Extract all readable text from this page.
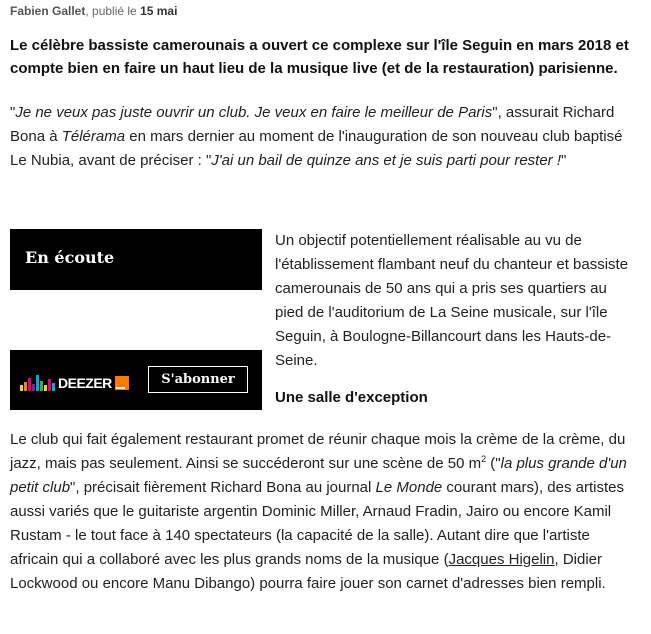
Fabien Gallet, publié le 15 mai

Le célèbre bassiste camerounais a ouvert ce complexe sur l'île Seguin en mars 2018 et compte bien en faire un haut lieu de la musique live (et de la restauration) parisienne.

"Je ne veux pas juste ouvrir un club. Je veux en faire le meilleur de Paris", assurait Richard Bona à Télérama en mars dernier au moment de l'inauguration de son nouveau club baptisé Le Nubia, avant de préciser : "J'ai un bail de quinze ans et je suis parti pour rester !"

En écoute
DEEZER	S'abonner

Un objectif potentiellement réalisable au vu de l'établissement flambant neuf du chanteur et bassiste camerounais de 50 ans qui a pris ses quartiers au pied de l'auditorium de La Seine musicale, sur l'île Seguin, à Boulogne-Billancourt dans les Hauts-de-Seine.

Une salle d'exception

Le club qui fait également restaurant promet de réunir chaque mois la crème de la crème, du jazz, mais pas seulement. Ainsi se succéderont sur une scène de 50 $m^2$ ("la plus grande d'un petit club", précisait fièrement Richard Bona au journal Le Monde courant mars), des artistes aussi variés que le guitariste argentin Dominic Miller, Arnaud Fradin, Jairo ou encore Kamil Rustam - le tout face à 140 spectateurs (la capacité de la salle). Autant dire que l'artiste africain qui a collaboré avec les plus grands noms de la musique (Jacques Higelin, Didier Lockwood ou encore Manu Dibango) pourra faire jouer son carnet d'adresses bien rempli.
